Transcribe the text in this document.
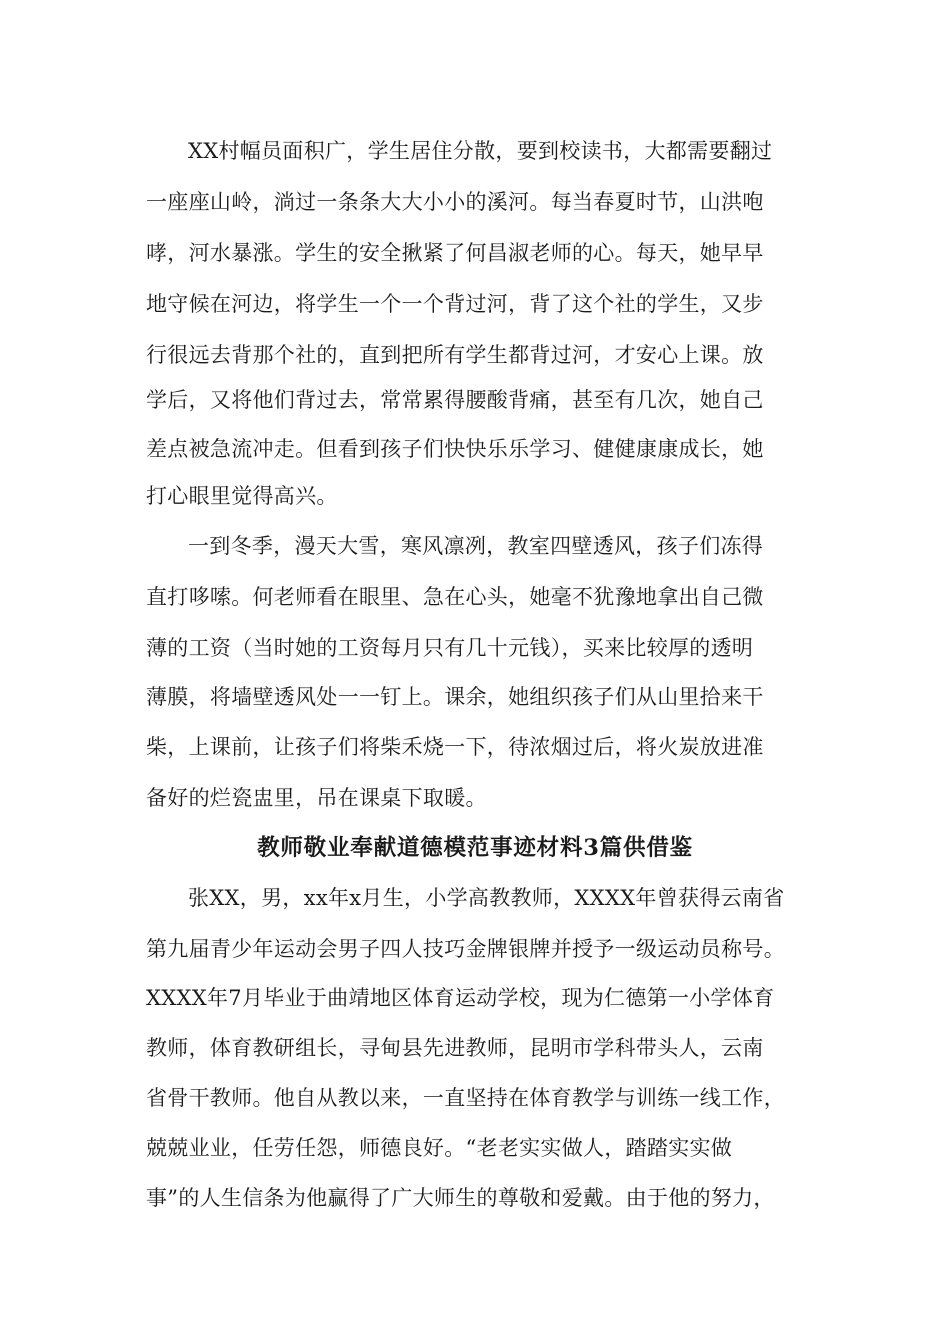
XX村幅员面积广，学生居住分散，要到校读书，大都需要翻过
一座座山岭，淌过一条条大大小小的溪河。每当春夏时节，山洪咆
哮，河水暴涨。学生的安全揪紧了何昌淑老师的心。每天，她早早
地守候在河边，将学生一个一个背过河，背了这个社的学生，又步
行很远去背那个社的，直到把所有学生都背过河，才安心上课。放
学后，又将他们背过去，常常累得腰酸背痛，甚至有几次，她自己
差点被急流冲走。但看到孩子们快快乐乐学习、健健康康成长，她
打心眼里觉得高兴。
一到冬季，漫天大雪，寒风凛冽，教室四壁透风，孩子们冻得
直打哆嗦。何老师看在眼里、急在心头，她毫不犹豫地拿出自己微
薄的工资（当时她的工资每月只有几十元钱），买来比较厚的透明
薄膜，将墙壁透风处一一钉上。课余，她组织孩子们从山里拾来干
柴，上课前，让孩子们将柴禾烧一下，待浓烟过后，将火炭放进准
备好的烂瓷盅里，吊在课桌下取暖。
教师敬业奉献道德模范事迹材料3篇供借鉴
张XX，男，xx年x月生，小学高教教师，XXXX年曾获得云南省
第九届青少年运动会男子四人技巧金牌银牌并授予一级运动员称号。
XXXX年7月毕业于曲靖地区体育运动学校，现为仁德第一小学体育
教师，体育教研组长，寻甸县先进教师，昆明市学科带头人，云南
省骨干教师。他自从教以来，一直坚持在体育教学与训练一线工作，
兢兢业业，任劳任怨，师德良好。“老老实实做人，踏踏实实做
事”的人生信条为他赢得了广大师生的尊敬和爱戴。由于他的努力，
